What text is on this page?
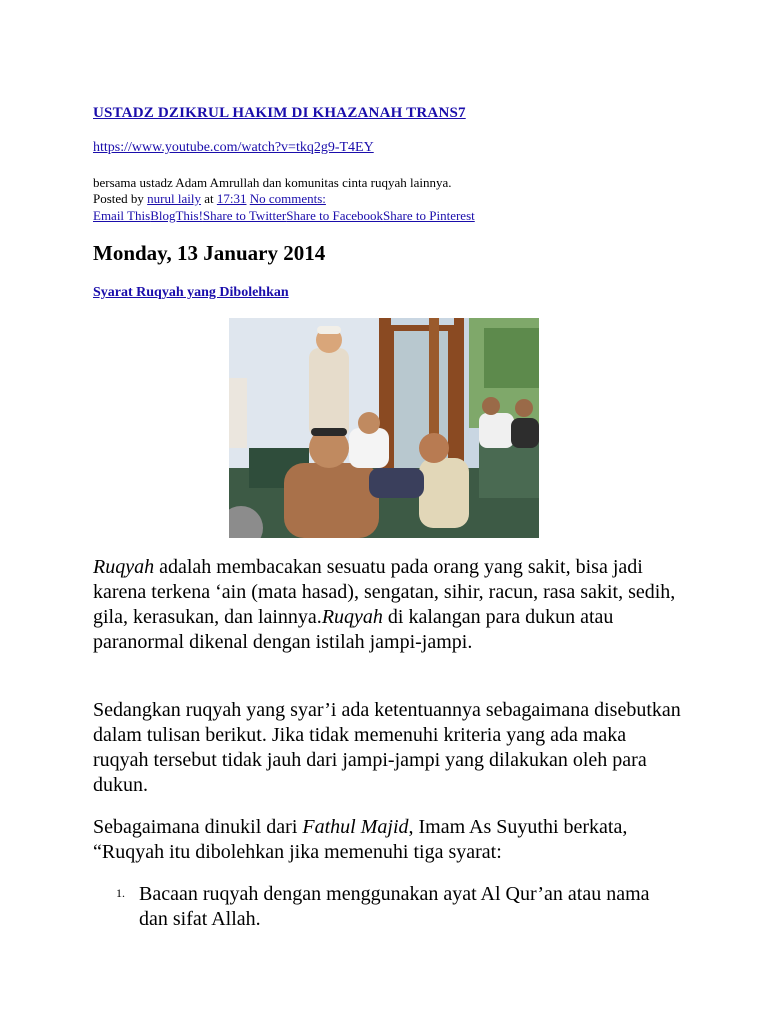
USTADZ DZIKRUL HAKIM DI KHAZANAH TRANS7
https://www.youtube.com/watch?v=tkq2g9-T4EY
bersama ustadz Adam Amrullah dan komunitas cinta ruqyah lainnya.
Posted by nurul laily at 17:31 No comments:
Email ThisBlogThis!Share to TwitterShare to FacebookShare to Pinterest
Monday, 13 January 2014
Syarat Ruqyah yang Dibolehkan

Ruqyah adalah membacakan sesuatu pada orang yang sakit, bisa jadi karena terkena ‘ain (mata hasad), sengatan, sihir, racun, rasa sakit, sedih, gila, kerasukan, dan lainnya.Ruqyah di kalangan para dukun atau paranormal dikenal dengan istilah jampi-jampi.

Sedangkan ruqyah yang syar’i ada ketentuannya sebagaimana disebutkan dalam tulisan berikut. Jika tidak memenuhi kriteria yang ada maka ruqyah tersebut tidak jauh dari jampi-jampi yang dilakukan oleh para dukun.

Sebagaimana dinukil dari Fathul Majid, Imam As Suyuthi berkata, “Ruqyah itu dibolehkan jika memenuhi tiga syarat:

1. Bacaan ruqyah dengan menggunakan ayat Al Qur’an atau nama dan sifat Allah.
